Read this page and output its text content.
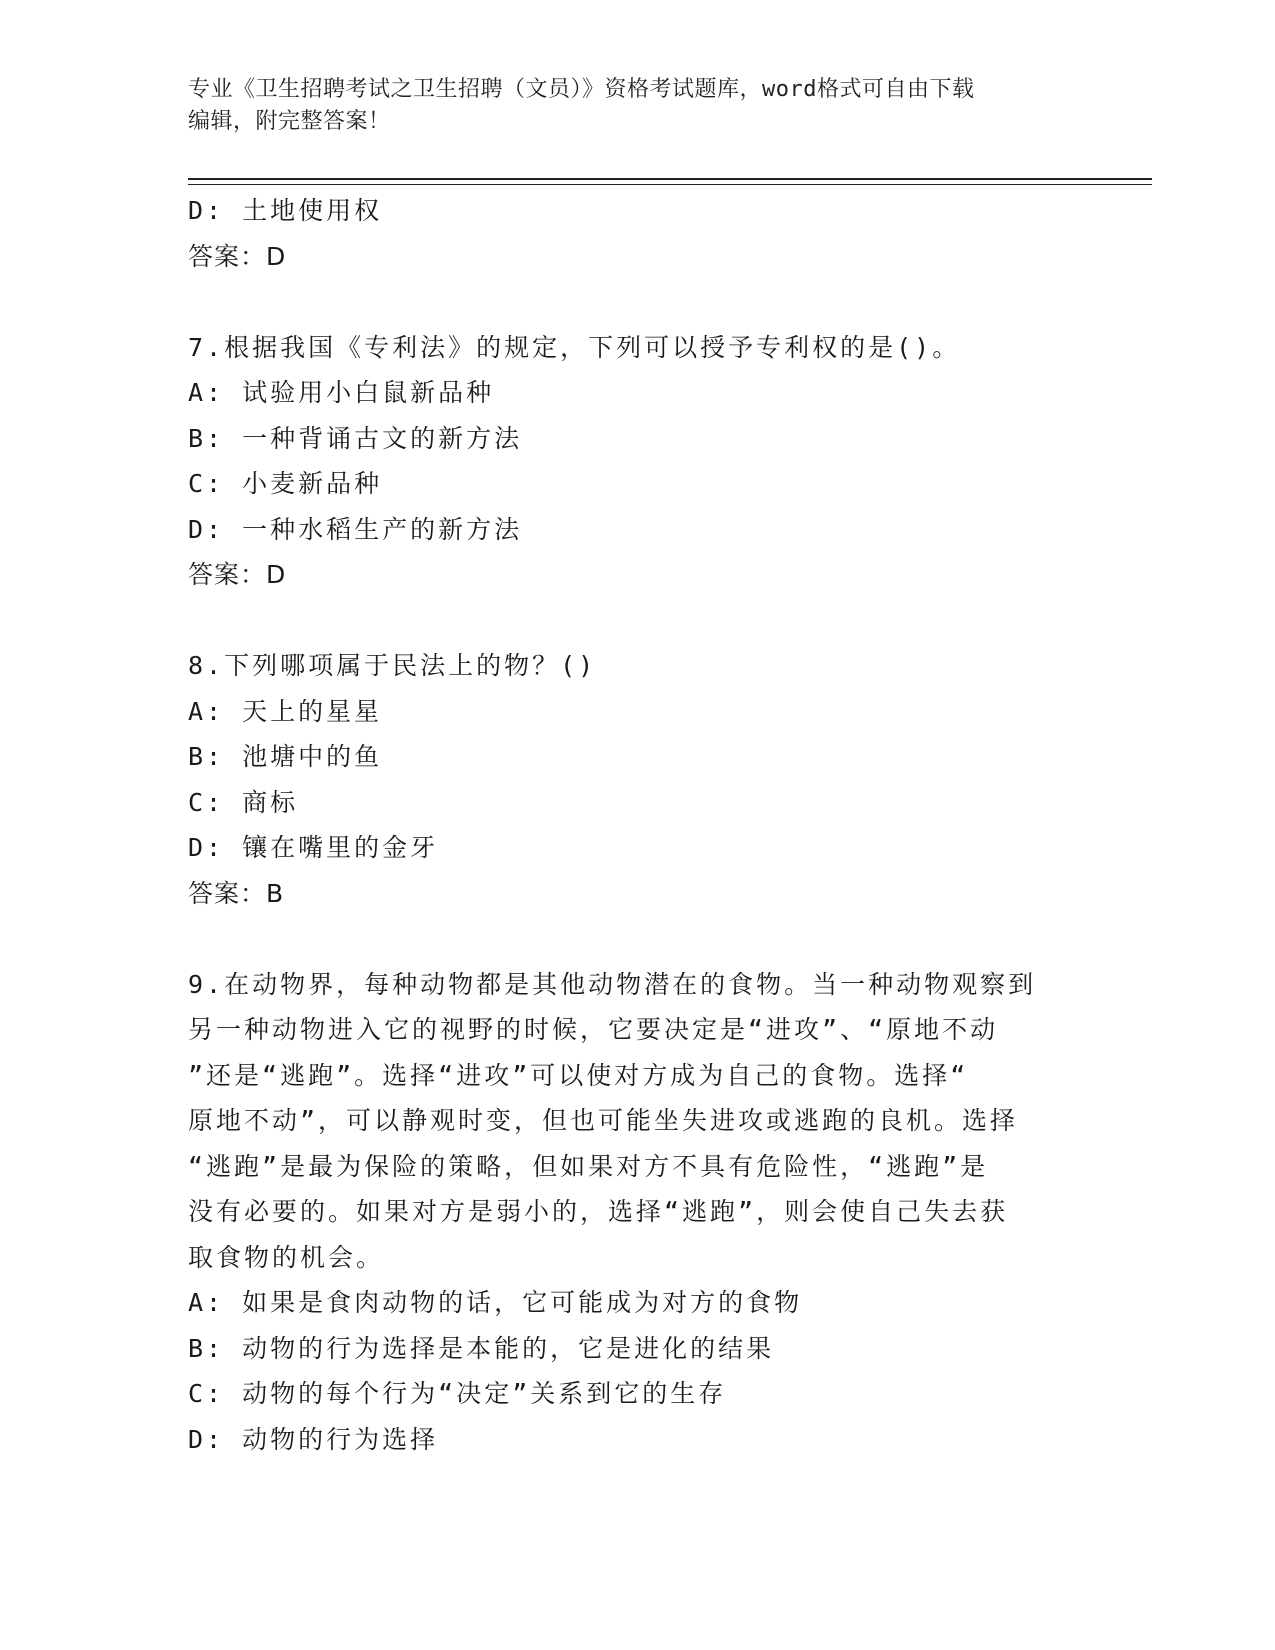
专业《卫生招聘考试之卫生招聘（文员）》资格考试题库，word格式可自由下载
编辑，附完整答案！
D: 土地使用权
答案：D
7.根据我国《专利法》的规定，下列可以授予专利权的是()。
A: 试验用小白鼠新品种
B: 一种背诵古文的新方法
C: 小麦新品种
D: 一种水稻生产的新方法
答案：D
8.下列哪项属于民法上的物？()
A: 天上的星星
B: 池塘中的鱼
C: 商标
D: 镶在嘴里的金牙
答案：B
9.在动物界，每种动物都是其他动物潜在的食物。当一种动物观察到
另一种动物进入它的视野的时候，它要决定是“进攻”、“原地不动
”还是“逃跑”。选择“进攻”可以使对方成为自己的食物。选择“
原地不动”，可以静观时变，但也可能坐失进攻或逃跑的良机。选择
“逃跑”是最为保险的策略，但如果对方不具有危险性，“逃跑”是
没有必要的。如果对方是弱小的，选择“逃跑”，则会使自己失去获
取食物的机会。
A: 如果是食肉动物的话，它可能成为对方的食物
B: 动物的行为选择是本能的，它是进化的结果
C: 动物的每个行为“决定”关系到它的生存
D: 动物的行为选择
